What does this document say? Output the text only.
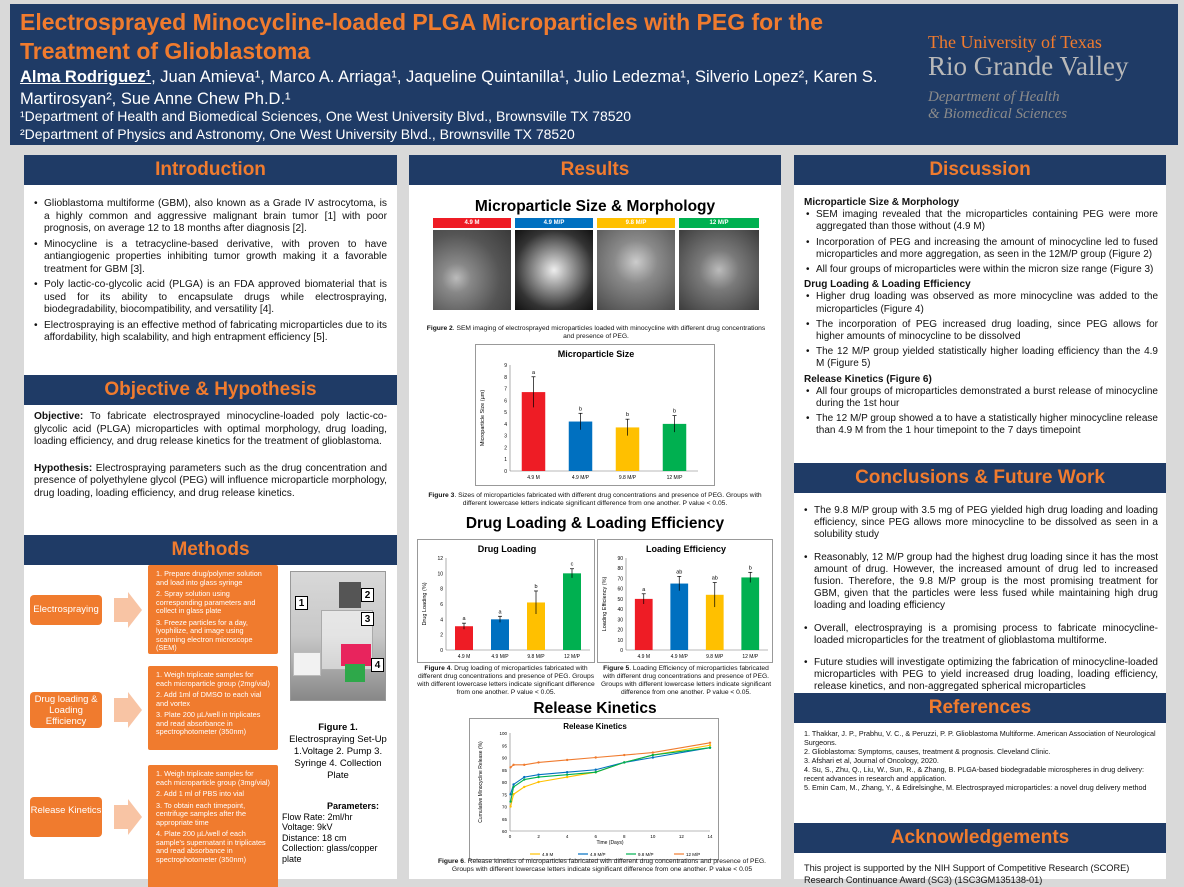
Electrosprayed Minocycline-loaded PLGA Microparticles with PEG for the Treatment of Glioblastoma
Alma Rodriguez¹, Juan Amieva¹, Marco A. Arriaga¹, Jaqueline Quintanilla¹, Julio Ledezma¹, Silverio Lopez², Karen S. Martirosyan², Sue Anne Chew Ph.D.¹
¹Department of Health and Biomedical Sciences, One West University Blvd., Brownsville TX 78520
²Department of Physics and Astronomy, One West University Blvd., Brownsville TX 78520
The University of Texas
Rio Grande Valley
Department of Health
& Biomedical Sciences
Introduction
• Glioblastoma multiforme (GBM), also known as a Grade IV astrocytoma, is a highly common and aggressive malignant brain tumor [1] with poor prognosis, on average 12 to 18 months after diagnosis [2].
• Minocycline is a tetracycline-based derivative, with proven to have antiangiogenic properties inhibiting tumor growth making it a favorable treatment for GBM [3].
• Poly lactic-co-glycolic acid (PLGA) is an FDA approved biomaterial that is used for its ability to encapsulate drugs while electrospraying, biodegradability, biocompatibility, and versatility [4].
• Electrospraying is an effective method of fabricating microparticles due to its affordability, high scalability, and high entrapment efficiency [5].
Objective & Hypothesis

Objective: To fabricate electrosprayed minocycline-loaded poly lactic-co-glycolic acid (PLGA) microparticles with optimal morphology, drug loading, loading efficiency, and drug release kinetics for the treatment of glioblastoma.

Hypothesis: Electrospraying parameters such as the drug concentration and presence of polyethylene glycol (PEG) will influence microparticle morphology, drug loading, loading efficiency, and drug release kinetics.

Methods
Electrospraying
1. Prepare drug/polymer solution and load into glass syringe
2. Spray solution using corresponding parameters and collect in glass plate
3. Freeze particles for a day, lyophilize, and image using scanning electron microscope (SEM)
Drug loading & Loading Efficiency
1. Weigh triplicate samples for each microparticle group (2mg/vial)
2. Add 1ml of DMSO to each vial and vortex
3. Plate 200 µL/well in triplicates and read absorbance in spectrophotometer (350nm)
Release Kinetics
1. Weigh triplicate samples for each microparticle group (3mg/vial)
2. Add 1 ml of PBS into vial
3. To obtain each timepoint, centrifuge samples after the appropriate time
4. Plate 200 µL/well of each sample's supernatant in triplicates and read absorbance in spectrophotometer (350nm)
1
2
3
4
Figure 1.
Electrospraying Set-Up 1.Voltage 2. Pump 3. Syringe 4. Collection Plate
Parameters:
Flow Rate: 2ml/hr
Voltage: 9kV
Distance: 18 cm
Collection: glass/copper plate
Results
Microparticle Size & Morphology
4.9 M	4.9 M/P	9.8 M/P	12 M/P
Figure 2. SEM imaging of electrosprayed microparticles loaded with minocycline with different drug concentrations and presence of PEG.
Microparticle Size
0
1
2
3
4
5
6
7
8
9
Microparticle Size (µm)
a
4.9 M
b
4.9 M/P
b
9.8 M/P
b
12 M/P
Figure 3. Sizes of microparticles fabricated with different drug concentrations and presence of PEG. Groups with different lowercase letters indicate significant difference from one another. P value < 0.05.
Drug Loading & Loading Efficiency
Drug Loading
0
2
4
6
8
10
12
Drug Loading (%)	a
4.9 M
a
4.9 M/P
b
9.8 M/P
c
12 M/P
Loading Efficiency
0
10
20
30
40
50
60
70
80
90
Loading Efficiency (%)	a
4.9 M
ab
4.9 M/P
ab
9.8 M/P
b
12 M/P
Figure 4. Drug loading of microparticles fabricated with different drug concentrations and presence of PEG. Groups with different lowercase letters indicate significant difference from one another. P value < 0.05.
Figure 5. Loading Efficiency of microparticles fabricated with different drug concentrations and presence of PEG. Groups with different lowercase letters indicate significant difference from one another. P value < 0.05.
Release Kinetics
Release Kinetics
60
65
70
75
80
85
90
95
100
0	2	4	6	8	10	12	14
Time (Days)
Cumulative Minocycline Release (%)
4.9 M	4.9 M/P	9.8 M/P	12 M/P
Figure 6. Release kinetics of microparticles fabricated with different drug concentrations and presence of PEG. Groups with different lowercase letters indicate significant difference from one another. P value < 0.05
Discussion
Microparticle Size & Morphology
• SEM imaging revealed that the microparticles containing PEG were more aggregated than those without (4.9 M)
• Incorporation of PEG and increasing the amount of minocycline led to fused microparticles and more aggregation, as seen in the 12M/P group (Figure 2)
• All four groups of microparticles were within the micron size range (Figure 3)
Drug Loading & Loading Efficiency
• Higher drug loading was observed as more minocycline was added to the microparticles (Figure 4)
• The incorporation of PEG increased drug loading, since PEG allows for higher amounts of minocycline to be dissolved
• The 12 M/P group yielded statistically higher loading efficiency than the 4.9 M (Figure 5)
Release Kinetics (Figure 6)
• All four groups of microparticles demonstrated a burst release of minocycline during the 1st hour
• The 12 M/P group showed a to have a statistically higher minocycline release than 4.9 M from the 1 hour timepoint to the 7 days timepoint
Conclusions & Future Work
• The 9.8 M/P group with 3.5 mg of PEG yielded high drug loading and loading efficiency, since PEG allows more minocycline to be dissolved as seen in a solubility study
• Reasonably, 12 M/P group had the highest drug loading since it has the most amount of drug. However, the increased amount of drug led to increased fusion. Therefore, the 9.8 M/P group is the most promising treatment for GBM, given that the particles were less fused while maintaining high drug loading and loading efficiency
• Overall, electrospraying is a promising process to fabricate minocycline-loaded microparticles for the treatment of glioblastoma multiforme.
• Future studies will investigate optimizing the fabrication of minocycline-loaded microparticles with PEG to yield increased drug loading, loading efficiency, release kinetics, and non-aggregated spherical microparticles
References
1. Thakkar, J. P., Prabhu, V. C., & Peruzzi, P. P. Glioblastoma Multiforme. American Association of Neurological Surgeons.
2. Glioblastoma: Symptoms, causes, treatment & prognosis. Cleveland Clinic.
3. Afshari et al, Journal of Oncology, 2020.
4. Su, S., Zhu, Q., Liu, W., Sun, R., & Zhang, B. PLGA-based biodegradable microspheres in drug delivery: recent advances in research and application.
5. Emin Cam, M., Zhang, Y., & Edirelsinghe, M. Electrosprayed microparticles: a novel drug delivery method
Acknowledgements
This project is supported by the NIH Support of Competitive Research (SCORE) Research Continuance Award (SC3) (1SC3GM135138-01)
